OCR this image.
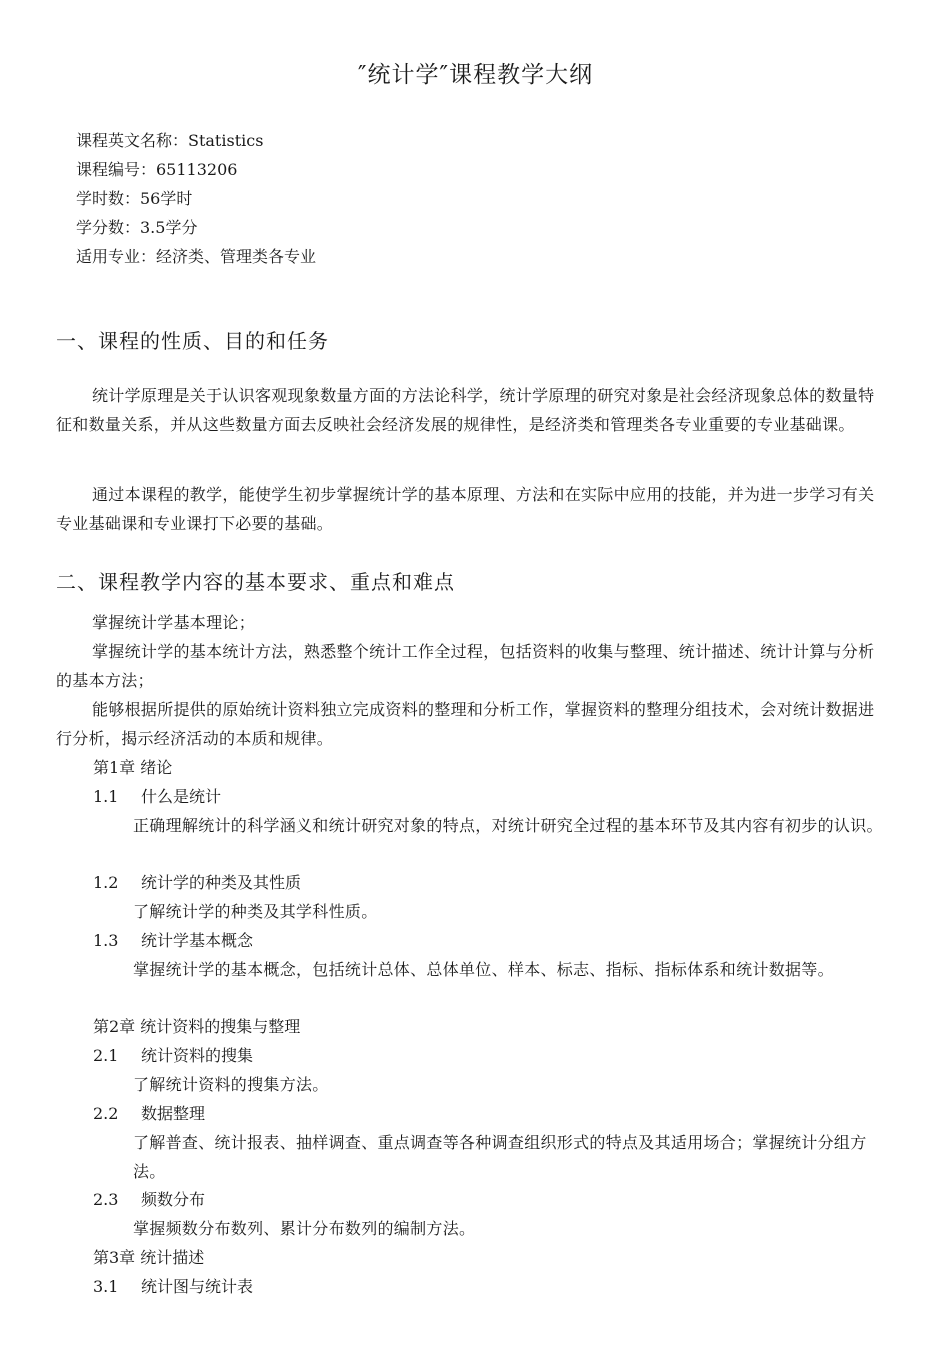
″统计学″课程教学大纲
课程英文名称：Statistics
课程编号：65113206
学时数：56学时
学分数：3.5学分
适用专业：经济类、管理类各专业
一、课程的性质、目的和任务
统计学原理是关于认识客观现象数量方面的方法论科学，统计学原理的研究对象是社会经济现象总体的数量特征和数量关系，并从这些数量方面去反映社会经济发展的规律性，是经济类和管理类各专业重要的专业基础课。
通过本课程的教学，能使学生初步掌握统计学的基本原理、方法和在实际中应用的技能，并为进一步学习有关专业基础课和专业课打下必要的基础。
二、课程教学内容的基本要求、重点和难点
掌握统计学基本理论；
掌握统计学的基本统计方法，熟悉整个统计工作全过程，包括资料的收集与整理、统计描述、统计计算与分析的基本方法；
能够根据所提供的原始统计资料独立完成资料的整理和分析工作，掌握资料的整理分组技术，会对统计数据进行分析，揭示经济活动的本质和规律。
第1章 绪论
1.1 什么是统计
正确理解统计的科学涵义和统计研究对象的特点，对统计研究全过程的基本环节及其内容有初步的认识。
1.2 统计学的种类及其性质
了解统计学的种类及其学科性质。
1.3 统计学基本概念
掌握统计学的基本概念，包括统计总体、总体单位、样本、标志、指标、指标体系和统计数据等。
第2章 统计资料的搜集与整理
2.1 统计资料的搜集
了解统计资料的搜集方法。
2.2 数据整理
了解普查、统计报表、抽样调查、重点调查等各种调查组织形式的特点及其适用场合；掌握统计分组方法。
2.3 频数分布
掌握频数分布数列、累计分布数列的编制方法。
第3章 统计描述
3.1 统计图与统计表
